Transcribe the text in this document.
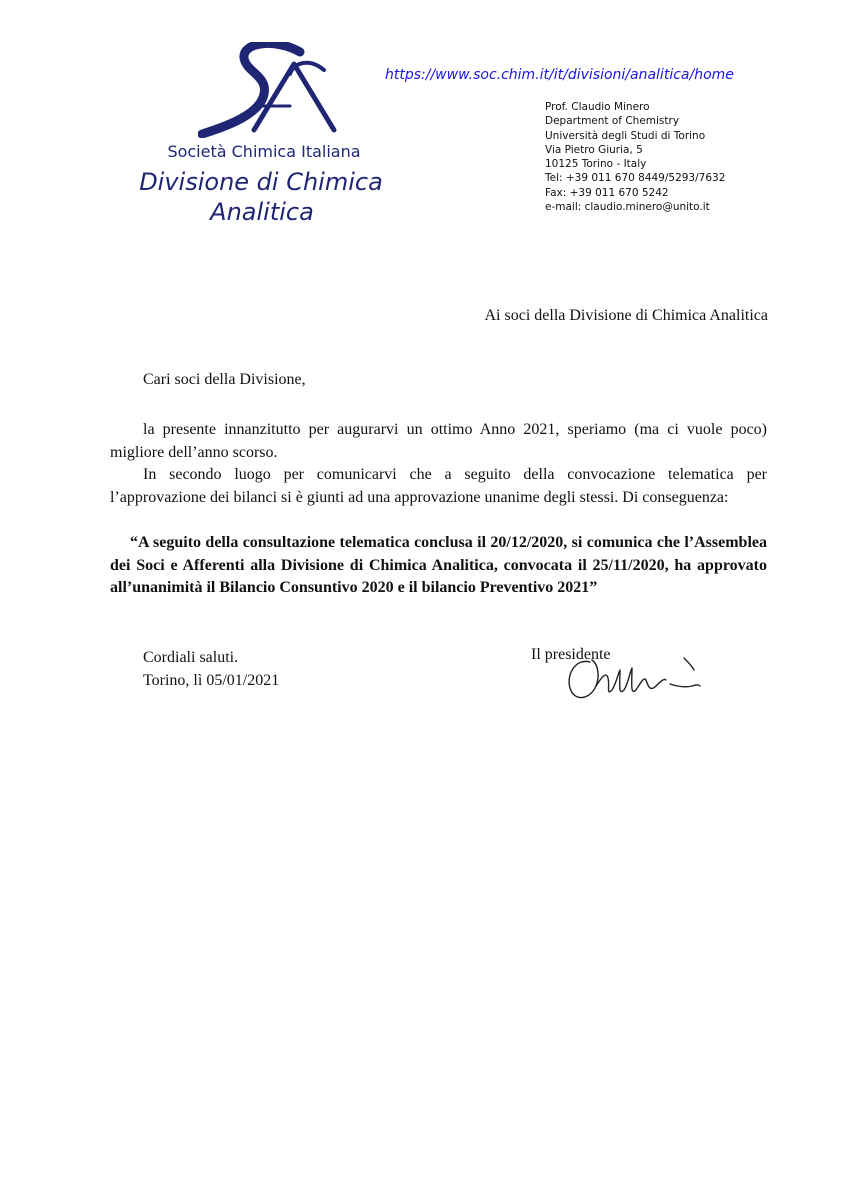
Società Chimica Italiana
Divisione di Chimica
Analitica
https://www.soc.chim.it/it/divisioni/analitica/home
Prof. Claudio Minero
Department of Chemistry
Università degli Studi di Torino
Via Pietro Giuria, 5
10125 Torino - Italy
Tel: +39 011 670 8449/5293/7632
Fax: +39 011 670 5242
e-mail: claudio.minero@unito.it
Ai soci della Divisione di Chimica Analitica
Cari soci della Divisione,

la presente innanzitutto per augurarvi un ottimo Anno 2021, speriamo (ma ci vuole poco) migliore dell’anno scorso.

In secondo luogo per comunicarvi che a seguito della convocazione telematica per l’approvazione dei bilanci si è giunti ad una approvazione unanime degli stessi. Di conseguenza:

“A seguito della consultazione telematica conclusa il 20/12/2020, si comunica che l’Assemblea dei Soci e Afferenti alla Divisione di Chimica Analitica, convocata il 25/11/2020, ha approvato all’unanimità il Bilancio Consuntivo 2020 e il bilancio Preventivo 2021”

Cordiali saluti.
Torino, lì 05/01/2021
Il presidente
